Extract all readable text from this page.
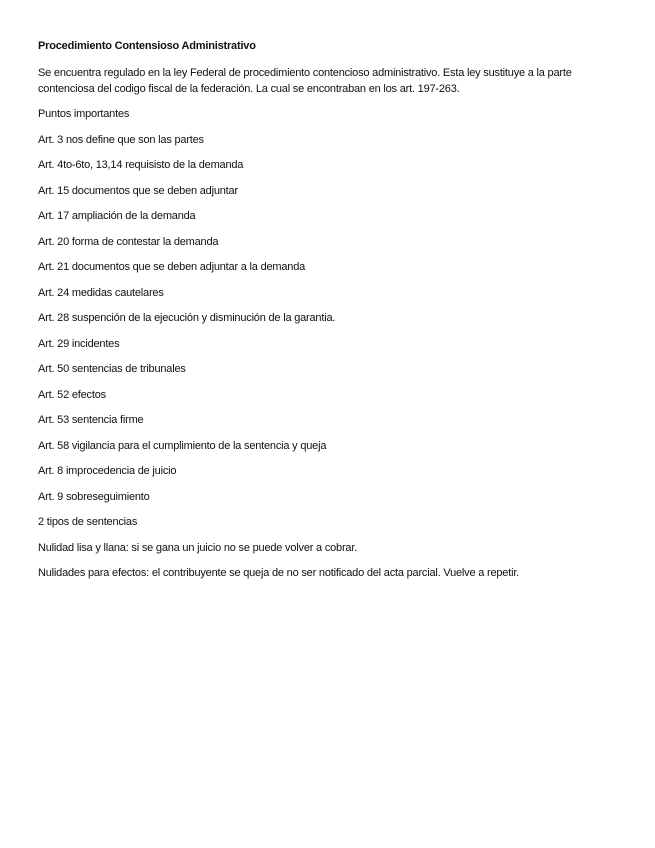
Procedimiento Contensioso Administrativo

Se encuentra regulado en la ley Federal de procedimiento contencioso administrativo. Esta ley sustituye a la parte contenciosa del codigo fiscal de la federación. La cual se encontraban en los art. 197-263.

Puntos importantes

Art. 3 nos define que son las partes

Art. 4to-6to, 13,14 requisisto de la demanda

Art. 15 documentos que se deben adjuntar

Art. 17 ampliación de la demanda

Art. 20 forma de contestar la demanda

Art. 21 documentos que se deben adjuntar a la demanda

Art. 24 medidas cautelares

Art. 28 suspención de la ejecución y disminución de la garantia.

Art. 29 incidentes

Art. 50 sentencias de tribunales

Art. 52 efectos

Art. 53 sentencia firme

Art. 58 vigilancia para el cumplimiento de la sentencia y queja

Art. 8 improcedencia de juicio

Art. 9 sobreseguimiento

2 tipos de sentencias

Nulidad lisa y llana: si se gana un juicio no se puede volver a cobrar.

Nulidades para efectos: el contribuyente se queja de no ser notificado del acta parcial. Vuelve a repetir.
